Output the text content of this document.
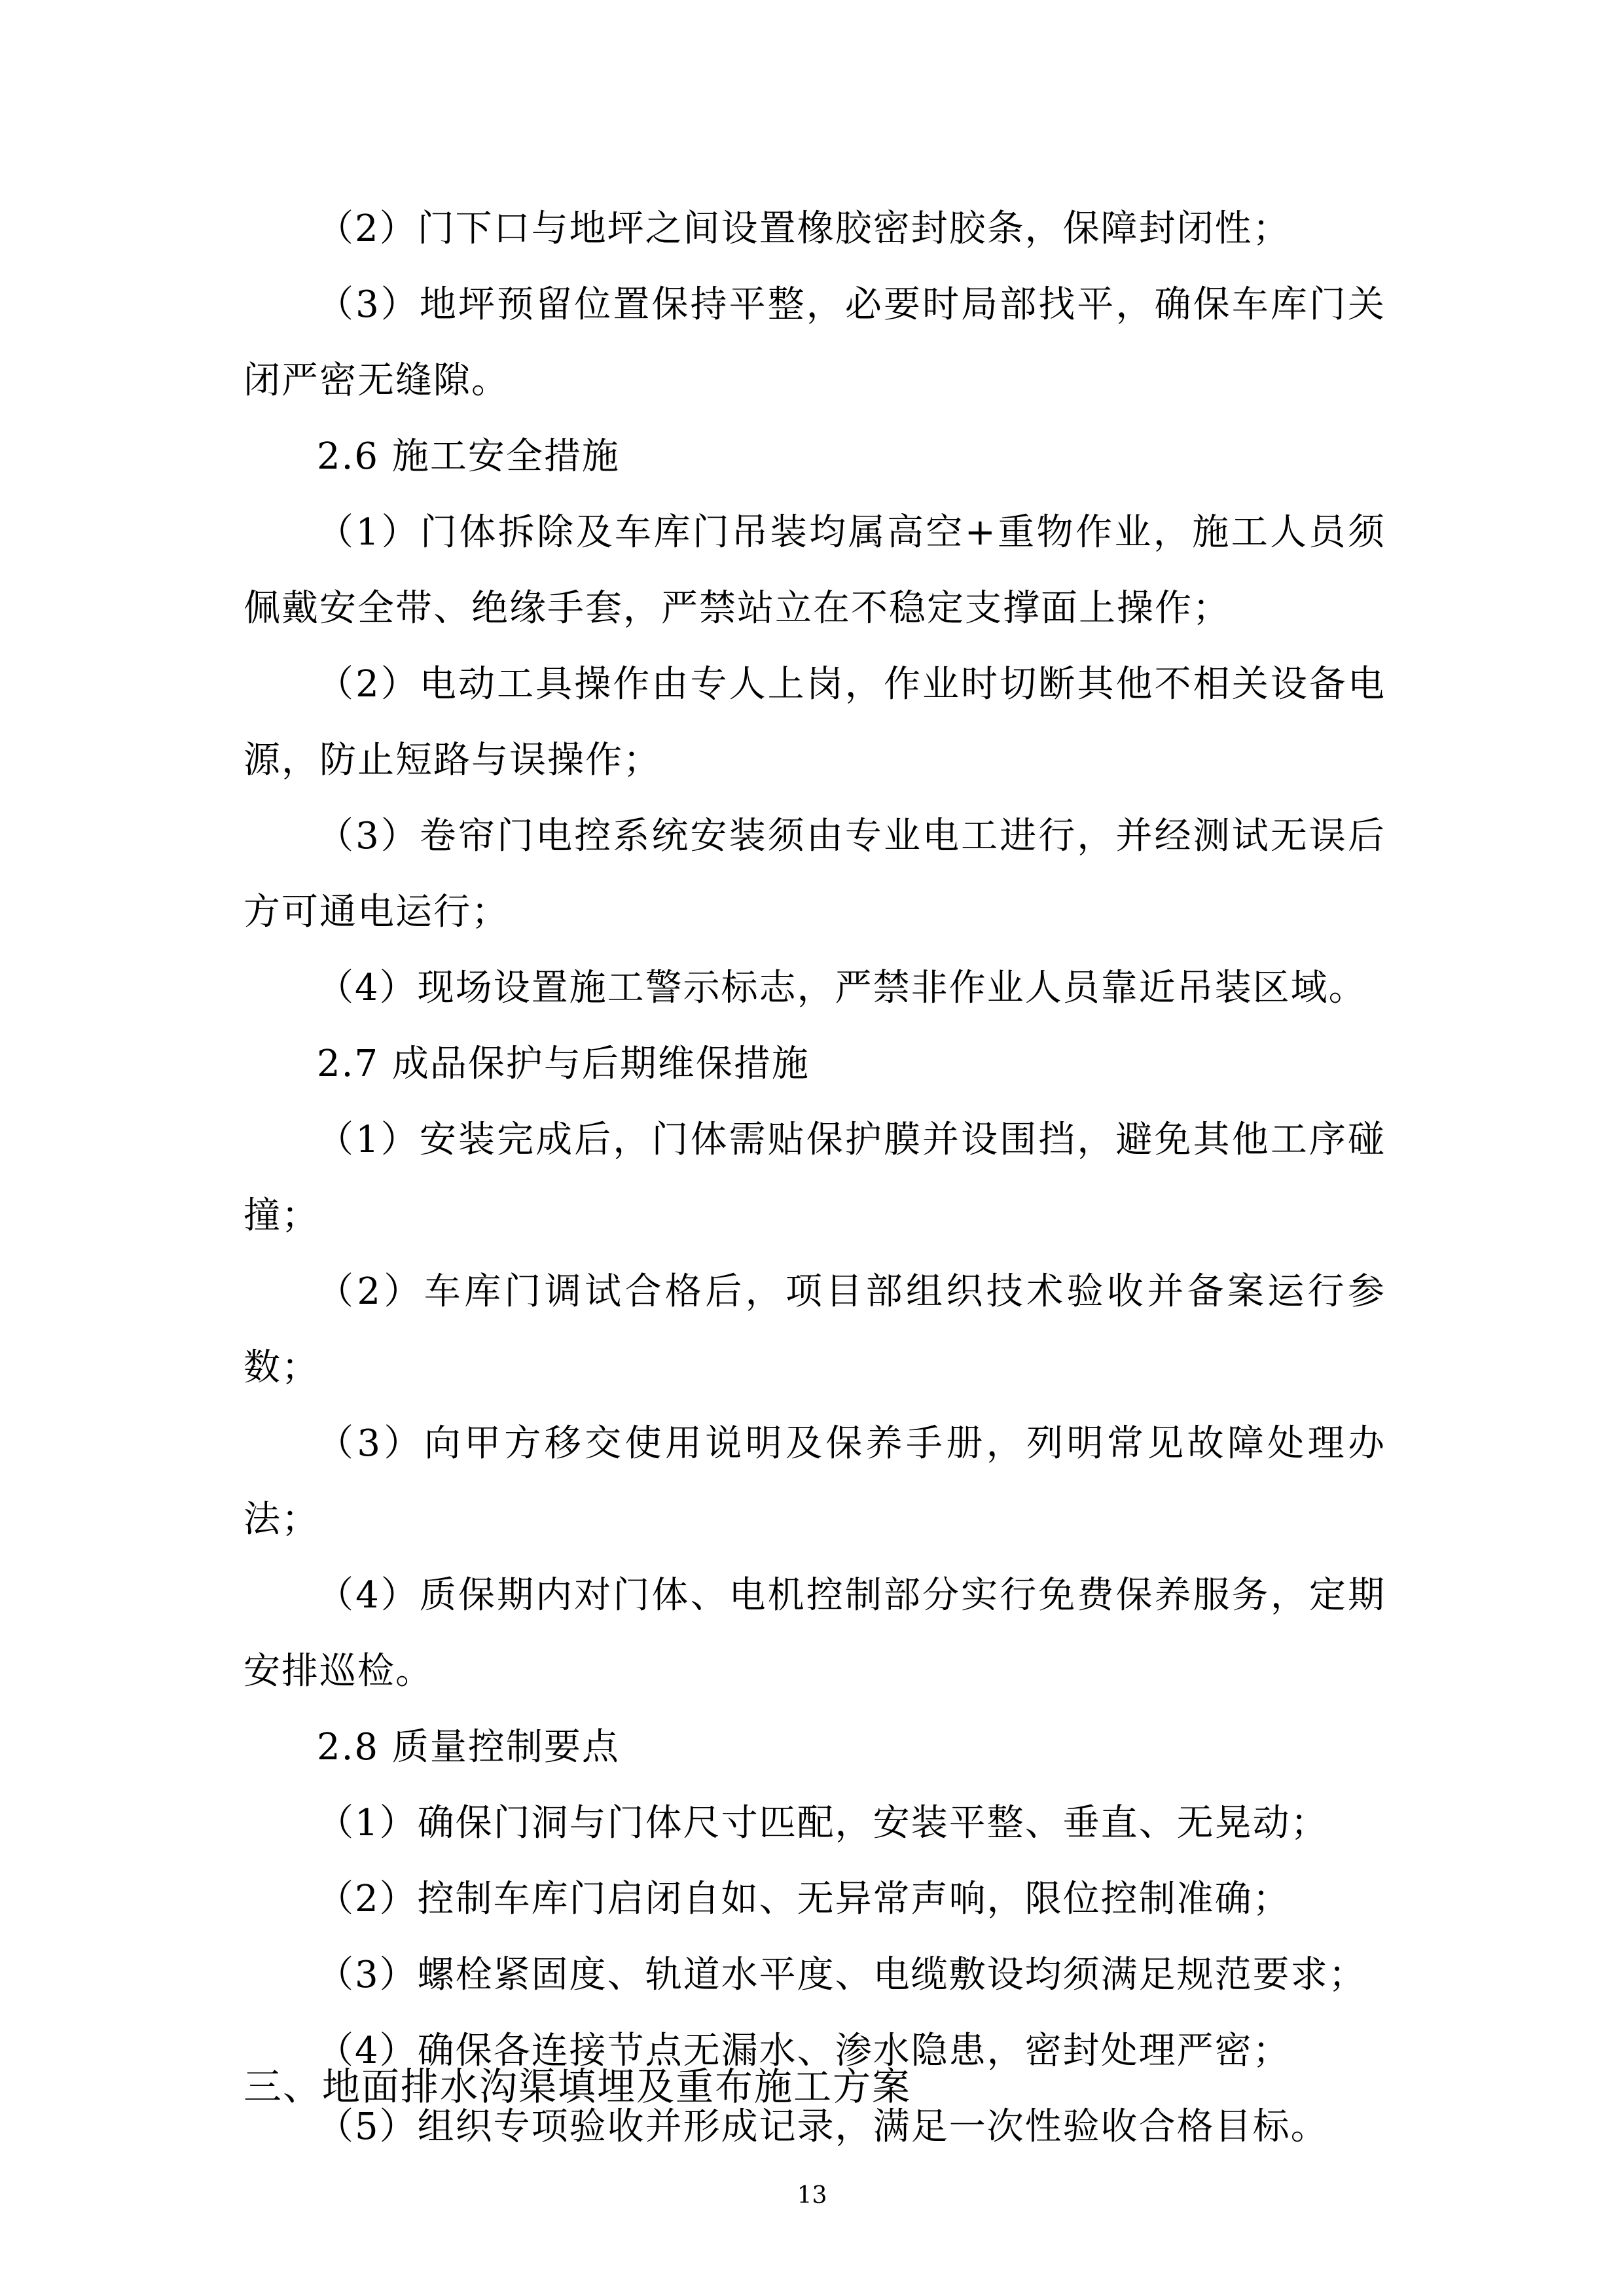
（2）门下口与地坪之间设置橡胶密封胶条，保障封闭性；

（3）地坪预留位置保持平整，必要时局部找平，确保车库门关闭严密无缝隙。

2.6 施工安全措施

（1）门体拆除及车库门吊装均属高空+重物作业，施工人员须佩戴安全带、绝缘手套，严禁站立在不稳定支撑面上操作；

（2）电动工具操作由专人上岗，作业时切断其他不相关设备电源，防止短路与误操作；

（3）卷帘门电控系统安装须由专业电工进行，并经测试无误后方可通电运行；

（4）现场设置施工警示标志，严禁非作业人员靠近吊装区域。

2.7 成品保护与后期维保措施

（1）安装完成后，门体需贴保护膜并设围挡，避免其他工序碰撞；

（2）车库门调试合格后，项目部组织技术验收并备案运行参数；

（3）向甲方移交使用说明及保养手册，列明常见故障处理办法；

（4）质保期内对门体、电机控制部分实行免费保养服务，定期安排巡检。

2.8 质量控制要点

（1）确保门洞与门体尺寸匹配，安装平整、垂直、无晃动；

（2）控制车库门启闭自如、无异常声响，限位控制准确；

（3）螺栓紧固度、轨道水平度、电缆敷设均须满足规范要求；

（4）确保各连接节点无漏水、渗水隐患，密封处理严密；

（5）组织专项验收并形成记录，满足一次性验收合格目标。

三、地面排水沟渠填埋及重布施工方案

13
